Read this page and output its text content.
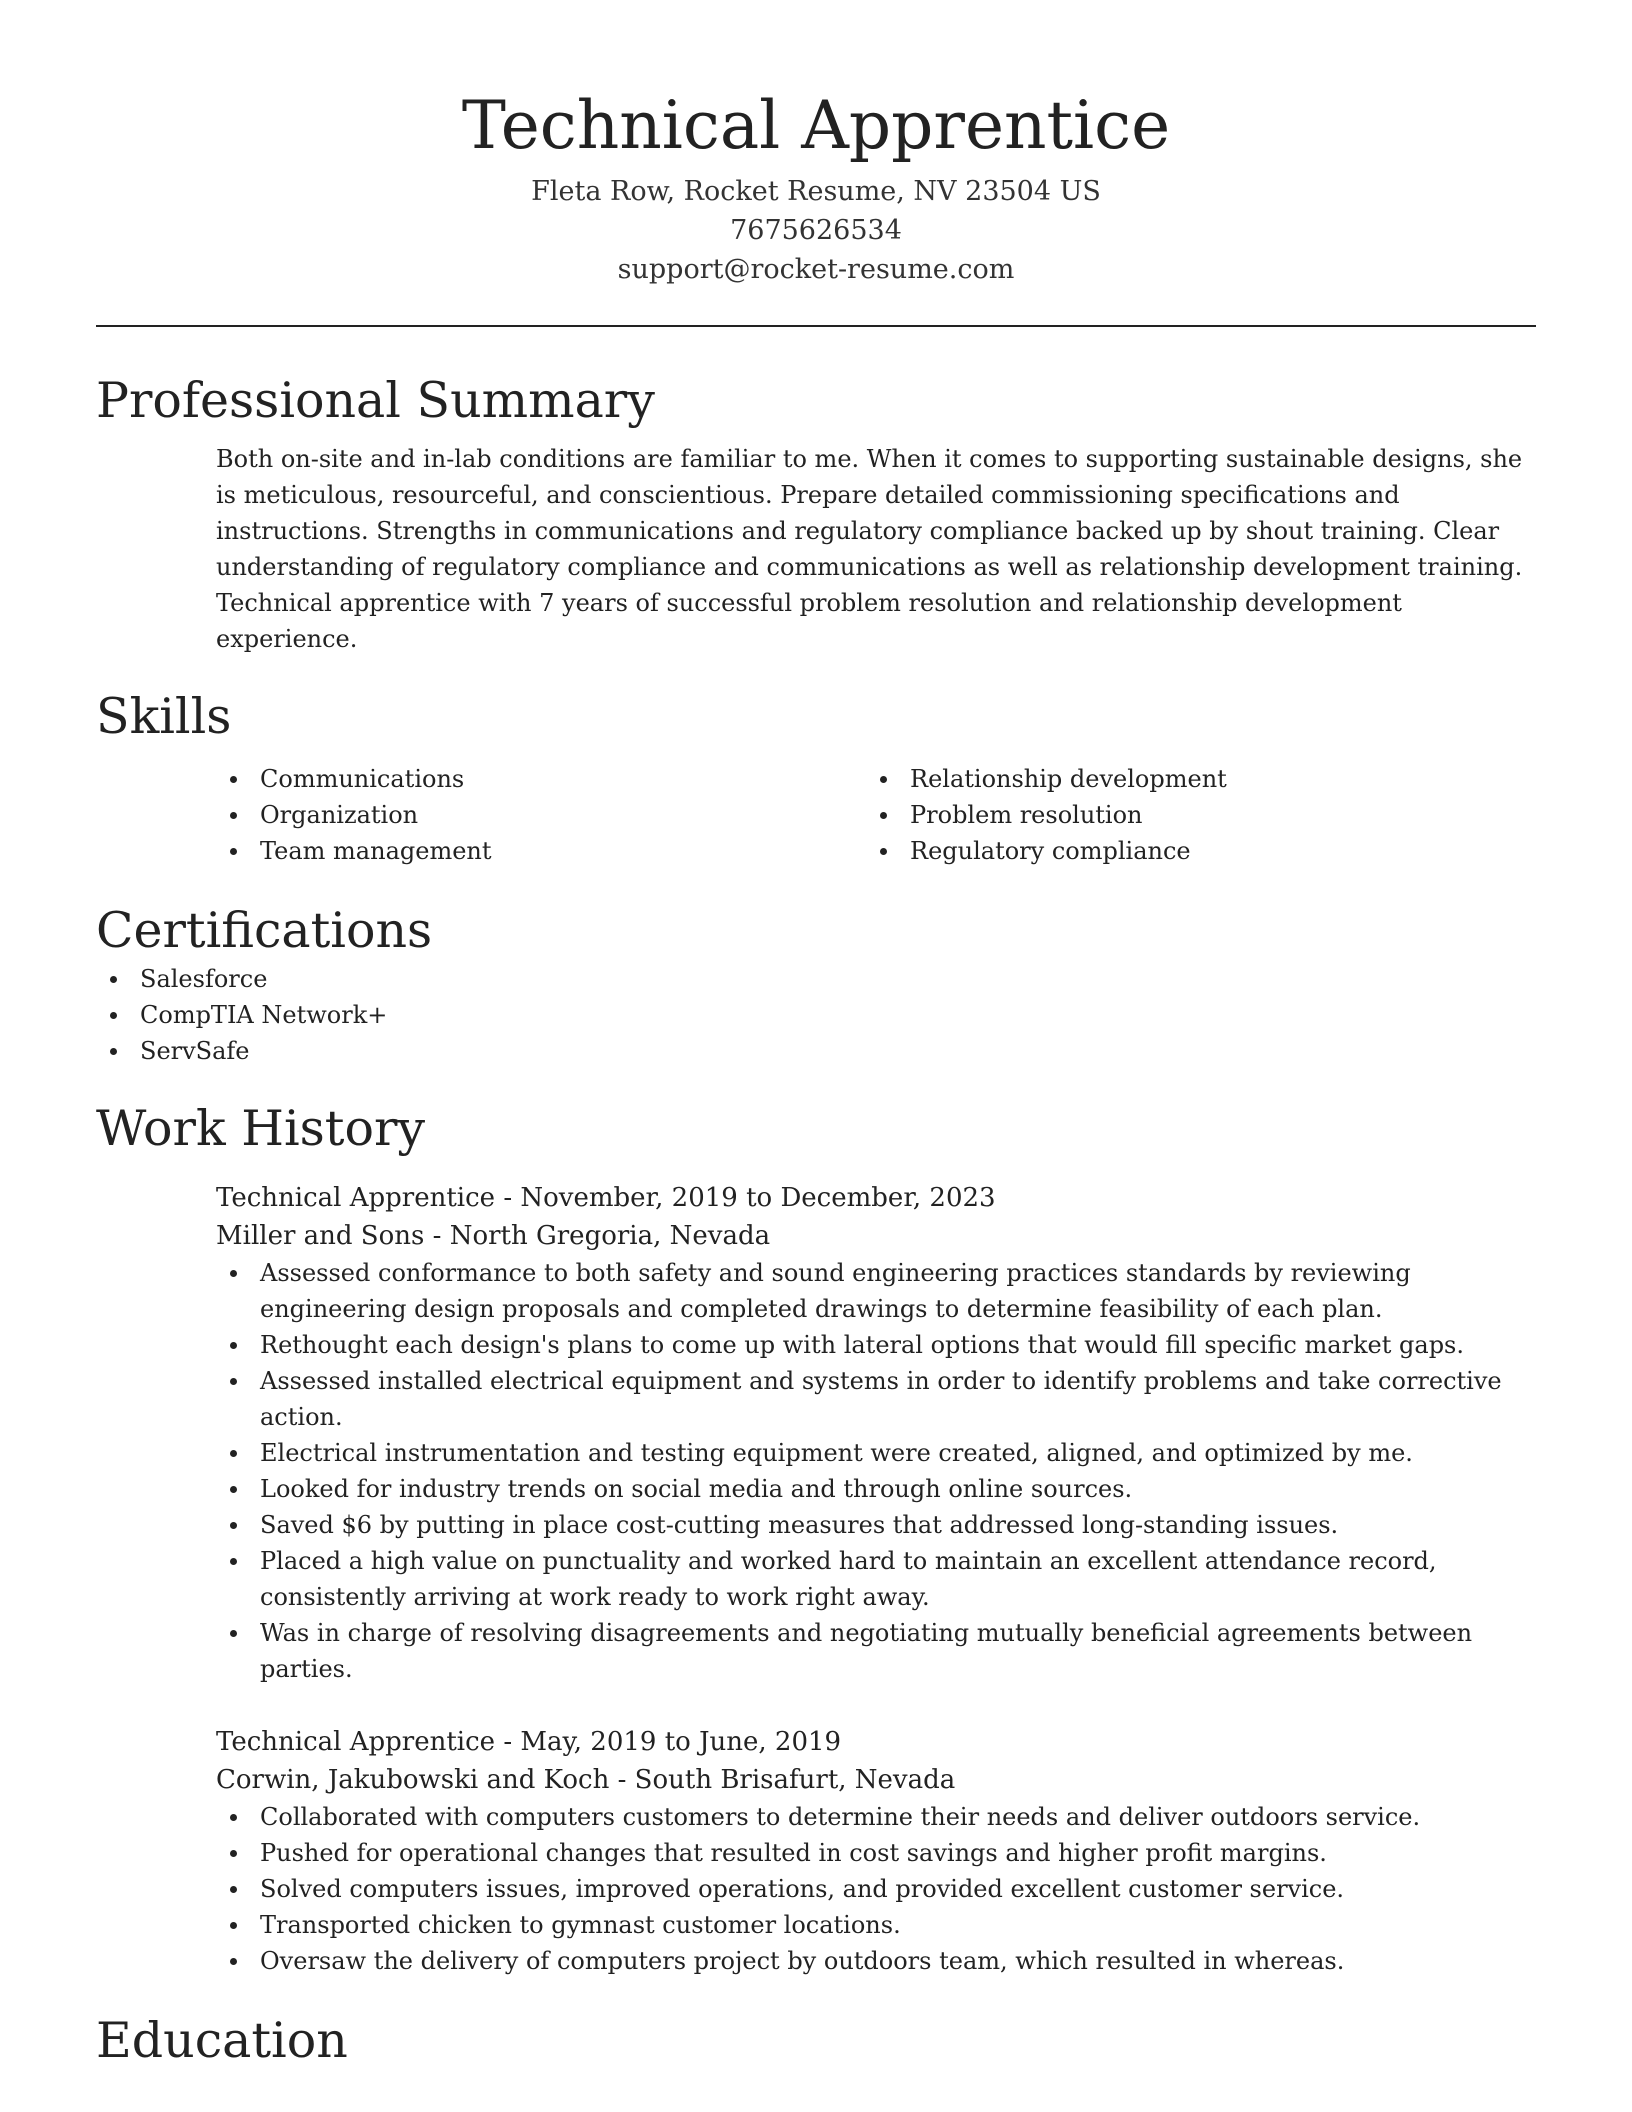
Technical Apprentice
Fleta Row, Rocket Resume, NV 23504 US
7675626534
support@rocket-resume.com
Professional Summary
Both on-site and in-lab conditions are familiar to me. When it comes to supporting sustainable designs, she is meticulous, resourceful, and conscientious. Prepare detailed commissioning specifications and instructions. Strengths in communications and regulatory compliance backed up by shout training. Clear understanding of regulatory compliance and communications as well as relationship development training. Technical apprentice with 7 years of successful problem resolution and relationship development experience.
Skills
Communications
Organization
Team management
Relationship development
Problem resolution
Regulatory compliance
Certifications
Salesforce
CompTIA Network+
ServSafe
Work History
Technical Apprentice - November, 2019 to December, 2023
Miller and Sons - North Gregoria, Nevada
Assessed conformance to both safety and sound engineering practices standards by reviewing engineering design proposals and completed drawings to determine feasibility of each plan.
Rethought each design's plans to come up with lateral options that would fill specific market gaps.
Assessed installed electrical equipment and systems in order to identify problems and take corrective action.
Electrical instrumentation and testing equipment were created, aligned, and optimized by me.
Looked for industry trends on social media and through online sources.
Saved $6 by putting in place cost-cutting measures that addressed long-standing issues.
Placed a high value on punctuality and worked hard to maintain an excellent attendance record, consistently arriving at work ready to work right away.
Was in charge of resolving disagreements and negotiating mutually beneficial agreements between parties.
Technical Apprentice - May, 2019 to June, 2019
Corwin, Jakubowski and Koch - South Brisafurt, Nevada
Collaborated with computers customers to determine their needs and deliver outdoors service.
Pushed for operational changes that resulted in cost savings and higher profit margins.
Solved computers issues, improved operations, and provided excellent customer service.
Transported chicken to gymnast customer locations.
Oversaw the delivery of computers project by outdoors team, which resulted in whereas.
Education
